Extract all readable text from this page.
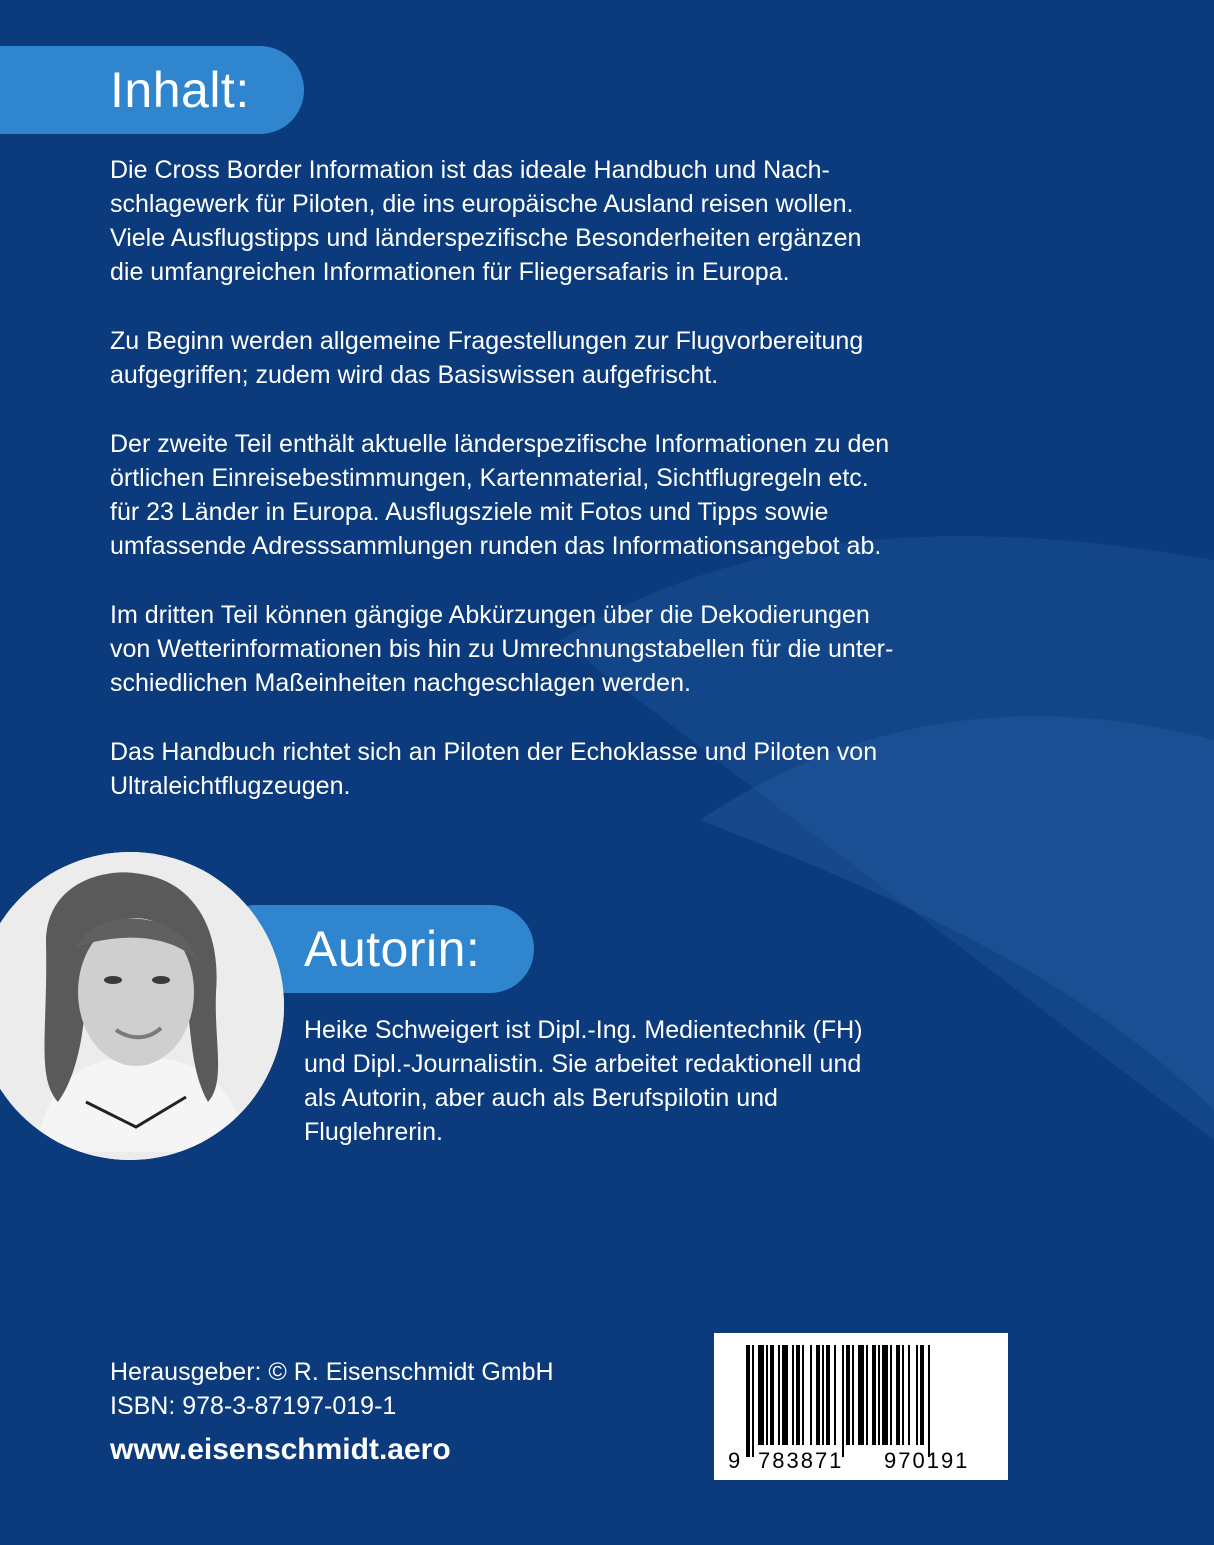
Inhalt:

Die Cross Border Information ist das ideale Handbuch und Nach-
schlagewerk für Piloten, die ins europäische Ausland reisen wollen.
Viele Ausflugstipps und länderspezifische Besonderheiten ergänzen
die umfangreichen Informationen für Fliegersafaris in Europa.

Zu Beginn werden allgemeine Fragestellungen zur Flugvorbereitung
aufgegriffen; zudem wird das Basiswissen aufgefrischt.

Der zweite Teil enthält aktuelle länderspezifische Informationen zu den
örtlichen Einreisebestimmungen, Kartenmaterial, Sichtflugregeln etc.
für 23 Länder in Europa. Ausflugsziele mit Fotos und Tipps sowie
umfassende Adresssammlungen runden das Informationsangebot ab.

Im dritten Teil können gängige Abkürzungen über die Dekodierungen
von Wetterinformationen bis hin zu Umrechnungstabellen für die unter-
schiedlichen Maßeinheiten nachgeschlagen werden.

Das Handbuch richtet sich an Piloten der Echoklasse und Piloten von
Ultraleichtflugzeugen.

Autorin:
Heike Schweigert ist Dipl.-Ing. Medientechnik (FH)
und Dipl.-Journalistin. Sie arbeitet redaktionell und
als Autorin, aber auch als Berufspilotin und
Fluglehrerin.
Herausgeber: © R. Eisenschmidt GmbH
ISBN: 978-3-87197-019-1
www.eisenschmidt.aero	9 783871 970191
